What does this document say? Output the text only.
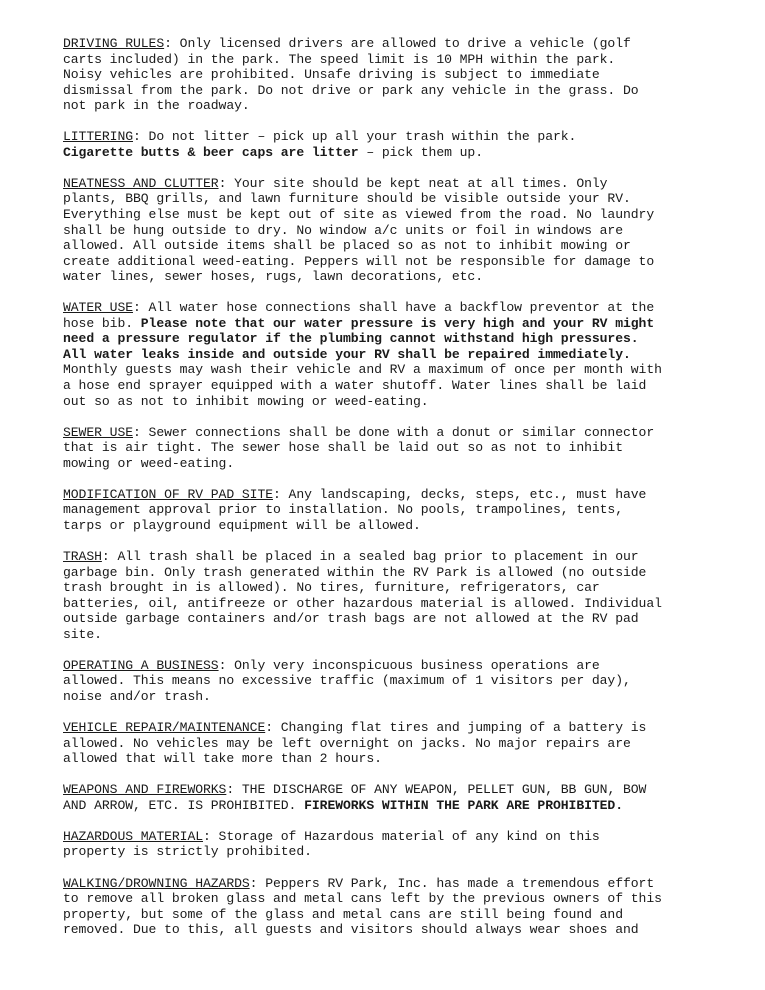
DRIVING RULES: Only licensed drivers are allowed to drive a vehicle (golf
carts included) in the park. The speed limit is 10 MPH within the park.
Noisy vehicles are prohibited. Unsafe driving is subject to immediate
dismissal from the park. Do not drive or park any vehicle in the grass. Do
not park in the roadway.
LITTERING: Do not litter – pick up all your trash within the park.
Cigarette butts & beer caps are litter – pick them up.
NEATNESS AND CLUTTER: Your site should be kept neat at all times. Only
plants, BBQ grills, and lawn furniture should be visible outside your RV.
Everything else must be kept out of site as viewed from the road. No laundry
shall be hung outside to dry. No window a/c units or foil in windows are
allowed. All outside items shall be placed so as not to inhibit mowing or
create additional weed-eating. Peppers will not be responsible for damage to
water lines, sewer hoses, rugs, lawn decorations, etc.
WATER USE: All water hose connections shall have a backflow preventor at the
hose bib. Please note that our water pressure is very high and your RV might
need a pressure regulator if the plumbing cannot withstand high pressures.
All water leaks inside and outside your RV shall be repaired immediately.
Monthly guests may wash their vehicle and RV a maximum of once per month with
a hose end sprayer equipped with a water shutoff. Water lines shall be laid
out so as not to inhibit mowing or weed-eating.
SEWER USE: Sewer connections shall be done with a donut or similar connector
that is air tight. The sewer hose shall be laid out so as not to inhibit
mowing or weed-eating.
MODIFICATION OF RV PAD SITE: Any landscaping, decks, steps, etc., must have
management approval prior to installation. No pools, trampolines, tents,
tarps or playground equipment will be allowed.
TRASH: All trash shall be placed in a sealed bag prior to placement in our
garbage bin. Only trash generated within the RV Park is allowed (no outside
trash brought in is allowed). No tires, furniture, refrigerators, car
batteries, oil, antifreeze or other hazardous material is allowed. Individual
outside garbage containers and/or trash bags are not allowed at the RV pad
site.
OPERATING A BUSINESS: Only very inconspicuous business operations are
allowed. This means no excessive traffic (maximum of 1 visitors per day),
noise and/or trash.
VEHICLE REPAIR/MAINTENANCE: Changing flat tires and jumping of a battery is
allowed. No vehicles may be left overnight on jacks. No major repairs are
allowed that will take more than 2 hours.
WEAPONS AND FIREWORKS: THE DISCHARGE OF ANY WEAPON, PELLET GUN, BB GUN, BOW
AND ARROW, ETC. IS PROHIBITED. FIREWORKS WITHIN THE PARK ARE PROHIBITED.
HAZARDOUS MATERIAL: Storage of Hazardous material of any kind on this
property is strictly prohibited.
WALKING/DROWNING HAZARDS: Peppers RV Park, Inc. has made a tremendous effort
to remove all broken glass and metal cans left by the previous owners of this
property, but some of the glass and metal cans are still being found and
removed. Due to this, all guests and visitors should always wear shoes and
